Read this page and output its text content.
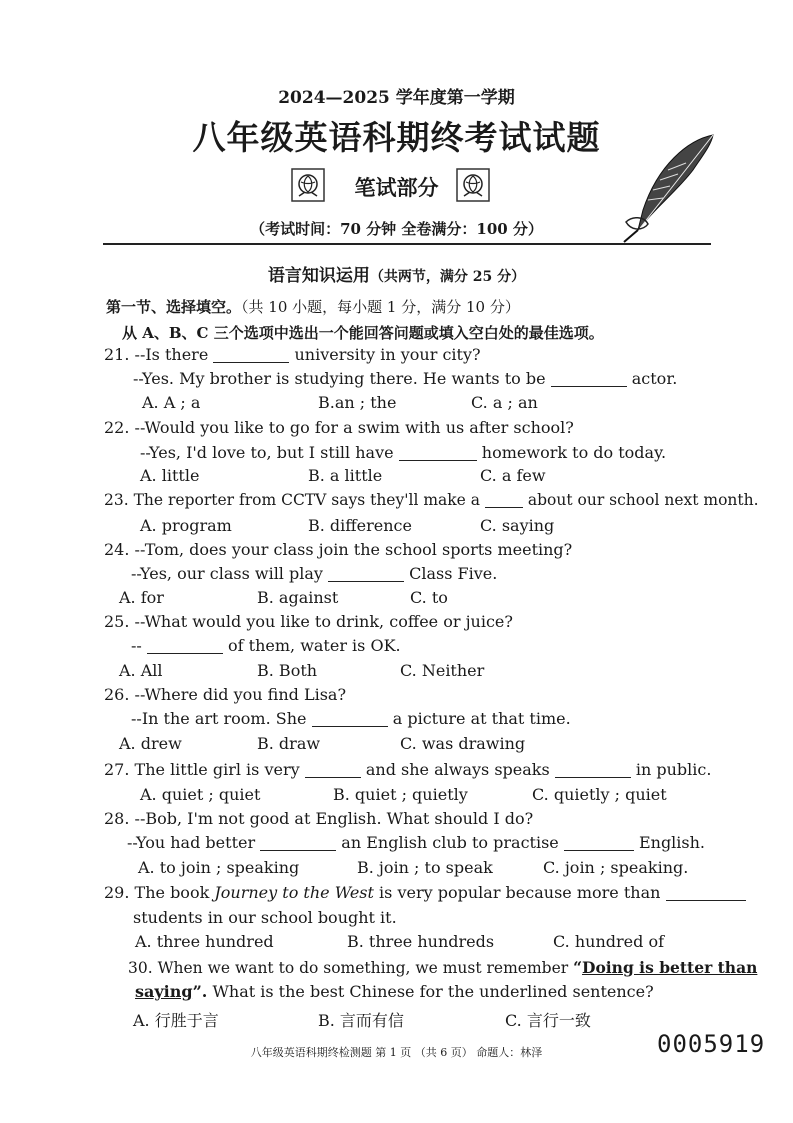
2024—2025 学年度第一学期
八年级英语科期终考试试题
笔试部分
（考试时间：70 分钟 全卷满分：100 分）
语言知识运用（共两节，满分 25 分）
第一节、选择填空。（共 10 小题，每小题 1 分，满分 10 分）
从 A、B、C 三个选项中选出一个能回答问题或填入空白处的最佳选项。
21. --Is there	university in your city?
--Yes. My brother is studying there. He wants to be	actor.
A. A ; a	B.an ; the	C. a ; an
22. --Would you like to go for a swim with us after school?
--Yes, I'd love to, but I still have	homework to do today.
A. little	B. a little	C. a few
23. The reporter from CCTV says they'll make a	about our school next month.
A. program	B. difference	C. saying
24. --Tom, does your class join the school sports meeting?
--Yes, our class will play	Class Five.
A. for	B. against	C. to
25. --What would you like to drink, coffee or juice?
--	of them, water is OK.
A. All	B. Both	C. Neither
26. --Where did you find Lisa?
--In the art room. She	a picture at that time.
A. drew	B. draw	C. was drawing
27. The little girl is very	and she always speaks	in public.
A. quiet ; quiet	B. quiet ; quietly	C. quietly ; quiet
28. --Bob, I'm not good at English. What should I do?
--You had better	an English club to practise	English.
A. to join ; speaking	B. join ; to speak	C. join ; speaking.
29. The book Journey to the West is very popular because more than
students in our school bought it.
A. three hundred	B. three hundreds	C. hundred of
30. When we want to do something, we must remember “Doing is better than
saying”. What is the best Chinese for the underlined sentence?
A. 行胜于言	B. 言而有信	C. 言行一致
八年级英语科期终检测题 第 1 页 （共 6 页） 命题人：林泽	0005919
